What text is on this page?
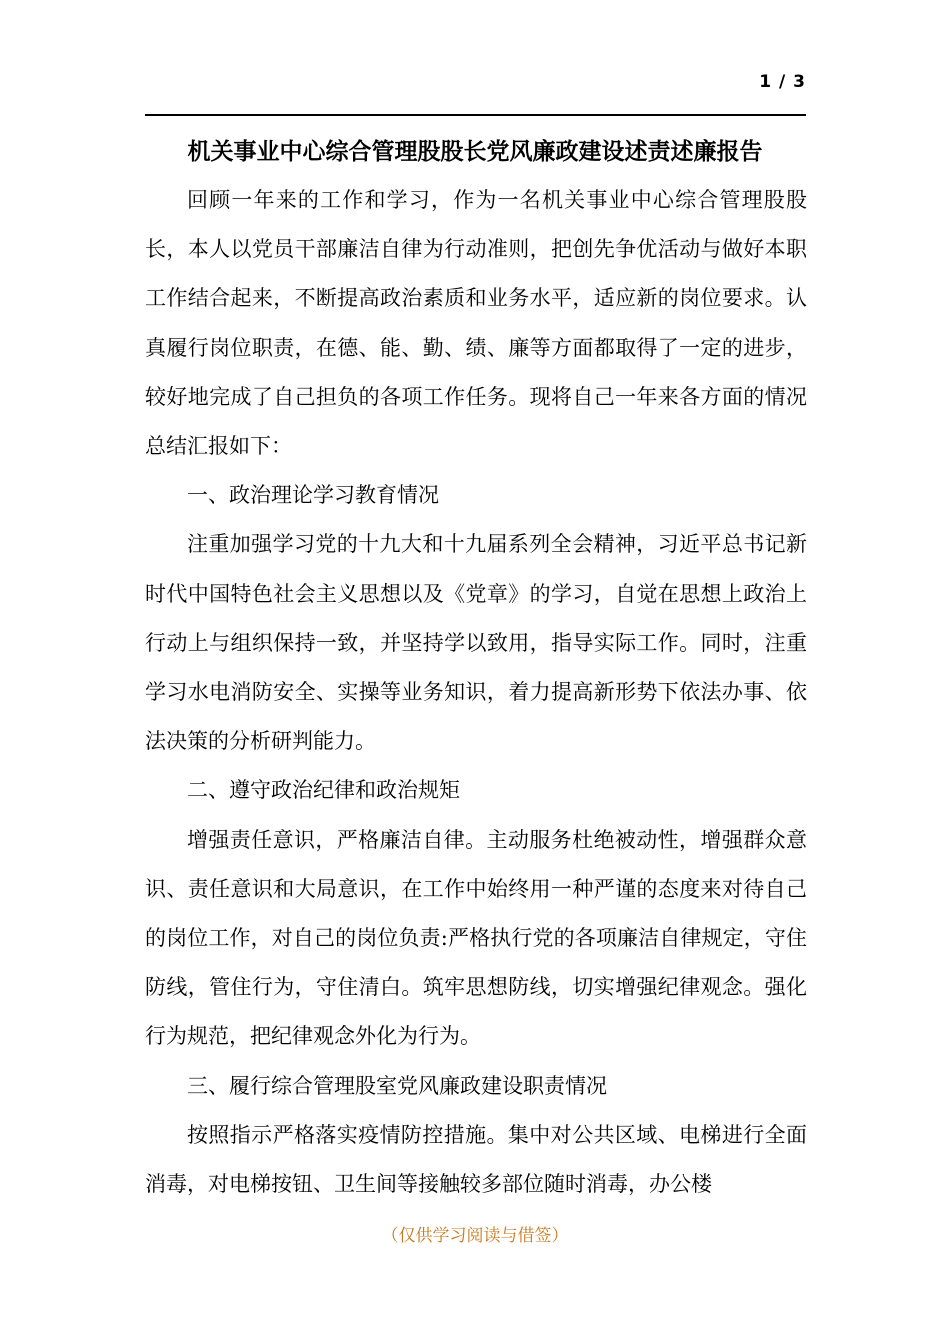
1 / 3
机关事业中心综合管理股股长党风廉政建设述责述廉报告

回顾一年来的工作和学习，作为一名机关事业中心综合管理股股长，本人以党员干部廉洁自律为行动准则，把创先争优活动与做好本职工作结合起来，不断提高政治素质和业务水平，适应新的岗位要求。认真履行岗位职责，在德、能、勤、绩、廉等方面都取得了一定的进步，较好地完成了自己担负的各项工作任务。现将自己一年来各方面的情况总结汇报如下：

一、政治理论学习教育情况

注重加强学习党的十九大和十九届系列全会精神，习近平总书记新时代中国特色社会主义思想以及《党章》的学习，自觉在思想上政治上行动上与组织保持一致，并坚持学以致用，指导实际工作。同时，注重学习水电消防安全、实操等业务知识，着力提高新形势下依法办事、依法决策的分析研判能力。

二、遵守政治纪律和政治规矩

增强责任意识，严格廉洁自律。主动服务杜绝被动性，增强群众意识、责任意识和大局意识，在工作中始终用一种严谨的态度来对待自己的岗位工作，对自己的岗位负责:严格执行党的各项廉洁自律规定，守住防线，管住行为，守住清白。筑牢思想防线，切实增强纪律观念。强化行为规范，把纪律观念外化为行为。

三、履行综合管理股室党风廉政建设职责情况

按照指示严格落实疫情防控措施。集中对公共区域、电梯进行全面消毒，对电梯按钮、卫生间等接触较多部位随时消毒，办公楼

（仅供学习阅读与借签）
